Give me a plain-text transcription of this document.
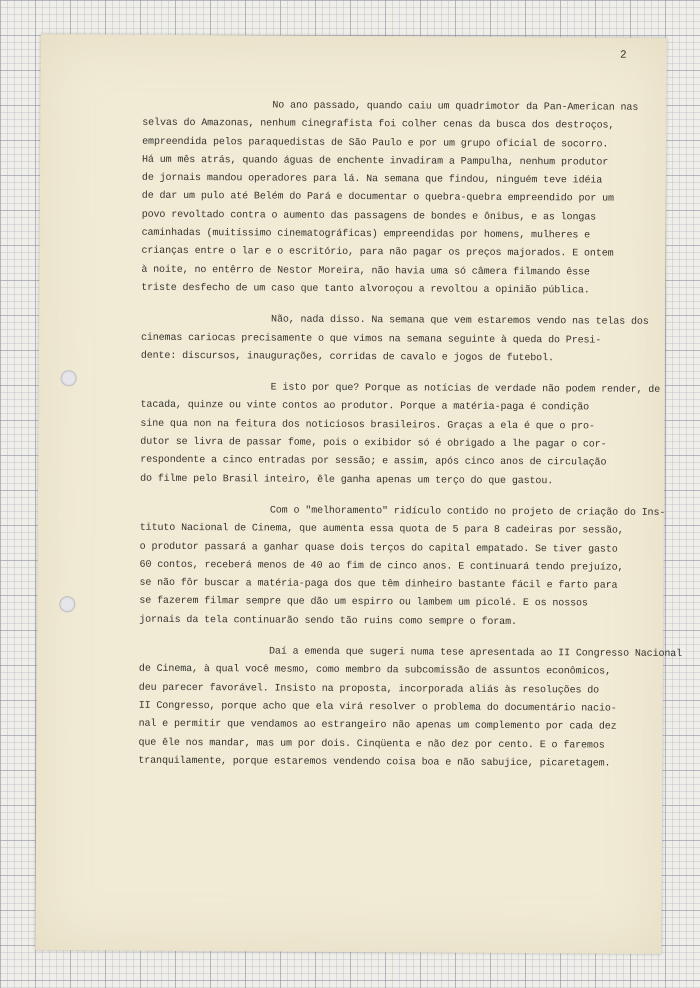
2
No ano passado, quando caiu um quadrimotor da Pan-American nas
selvas do Amazonas, nenhum cinegrafista foi colher cenas da busca dos destroços,
empreendida pelos paraquedistas de São Paulo e por um grupo oficial de socorro.
Há um mês atrás, quando águas de enchente invadiram a Pampulha, nenhum produtor
de jornais mandou operadores para lá. Na semana que findou, ninguém teve idéia
de dar um pulo até Belém do Pará e documentar o quebra-quebra empreendido por um
povo revoltado contra o aumento das passagens de bondes e ônibus, e as longas
caminhadas (muitíssimo cinematográficas) empreendidas por homens, mulheres e
crianças entre o lar e o escritório, para não pagar os preços majorados. E ontem
à noite, no entêrro de Nestor Moreira, não havia uma só câmera filmando êsse
triste desfecho de um caso que tanto alvoroçou a revoltou a opinião pública.
Não, nada disso. Na semana que vem estaremos vendo nas telas dos
cinemas cariocas precisamente o que vimos na semana seguinte à queda do Presi-
dente: discursos, inaugurações, corridas de cavalo e jogos de futebol.
E isto por que? Porque as notícias de verdade não podem render, de
tacada, quinze ou vinte contos ao produtor. Porque a matéria-paga é condição
sine qua non na feitura dos noticiosos brasileiros. Graças a ela é que o pro-
dutor se livra de passar fome, pois o exibidor só é obrigado a lhe pagar o cor-
respondente a cinco entradas por sessão; e assim, após cinco anos de circulação
do filme pelo Brasil inteiro, êle ganha apenas um terço do que gastou.
Com o "melhoramento" ridículo contido no projeto de criação do Ins-
tituto Nacional de Cinema, que aumenta essa quota de 5 para 8 cadeiras por sessão,
o produtor passará a ganhar quase dois terços do capital empatado. Se tiver gasto
60 contos, receberá menos de 40 ao fim de cinco anos. E continuará tendo prejuízo,
se não fôr buscar a matéria-paga dos que têm dinheiro bastante fácil e farto para
se fazerem filmar sempre que dão um espirro ou lambem um picolé. E os nossos
jornais da tela continuarão sendo tão ruins como sempre o foram.
Daí a emenda que sugeri numa tese apresentada ao II Congresso Nacional
de Cinema, à qual você mesmo, como membro da subcomissão de assuntos econômicos,
deu parecer favorável. Insisto na proposta, incorporada aliás às resoluções do
II Congresso, porque acho que ela virá resolver o problema do documentário nacio-
nal e permitir que vendamos ao estrangeiro não apenas um complemento por cada dez
que êle nos mandar, mas um por dois. Cinqüenta e não dez por cento. E o faremos
tranquilamente, porque estaremos vendendo coisa boa e não sabujice, picaretagem.
